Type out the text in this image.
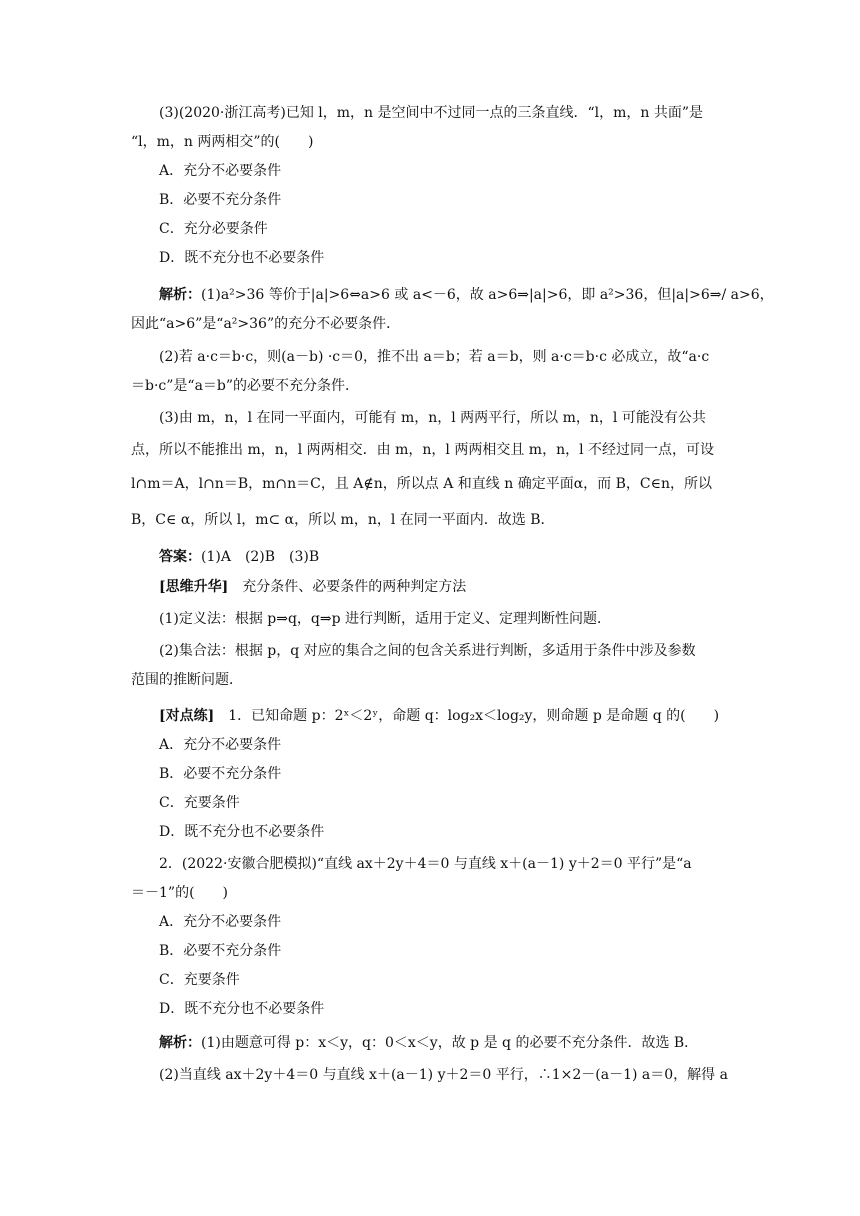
(3)(2020·浙江高考)已知 l，m，n 是空间中不过同一点的三条直线．“l，m，n 共面”是
“l，m，n 两两相交”的(　　)
A．充分不必要条件
B．必要不充分条件
C．充分必要条件
D．既不充分也不必要条件
解析：(1)a²>36 等价于|a|>6⇔a>6 或 a<－6，故 a>6⇒|a|>6，即 a²>36，但|a|>6⇒/ a>6，
因此“a>6”是“a²>36”的充分不必要条件．
(2)若 a·c＝b·c，则(a－b) ·c＝0，推不出 a＝b；若 a＝b，则 a·c＝b·c 必成立，故“a·c
＝b·c”是“a＝b”的必要不充分条件．
(3)由 m，n，l 在同一平面内，可能有 m，n，l 两两平行，所以 m，n，l 可能没有公共
点，所以不能推出 m，n，l 两两相交．由 m，n，l 两两相交且 m，n，l 不经过同一点，可设
l∩m＝A，l∩n＝B，m∩n＝C，且 A∉n，所以点 A 和直线 n 确定平面α，而 B，C∈n，所以
B，C∈ α，所以 l，m⊂ α，所以 m，n，l 在同一平面内．故选 B．
答案：(1)A　(2)B　(3)B
[思维升华]　充分条件、必要条件的两种判定方法
(1)定义法：根据 p⇒q，q⇒p 进行判断，适用于定义、定理判断性问题．
(2)集合法：根据 p，q 对应的集合之间的包含关系进行判断，多适用于条件中涉及参数
范围的推断问题．
[对点练]　1．已知命题 p：2ˣ＜2ʸ，命题 q：log₂x＜log₂y，则命题 p 是命题 q 的(　　)
A．充分不必要条件
B．必要不充分条件
C．充要条件
D．既不充分也不必要条件
2．(2022·安徽合肥模拟)“直线 ax＋2y＋4＝0 与直线 x＋(a－1) y＋2＝0 平行”是“a
＝－1”的(　　)
A．充分不必要条件
B．必要不充分条件
C．充要条件
D．既不充分也不必要条件
解析：(1)由题意可得 p：x＜y，q：0＜x＜y，故 p 是 q 的必要不充分条件．故选 B．
(2)当直线 ax＋2y＋4＝0 与直线 x＋(a－1) y＋2＝0 平行，∴1×2－(a－1) a＝0，解得 a
